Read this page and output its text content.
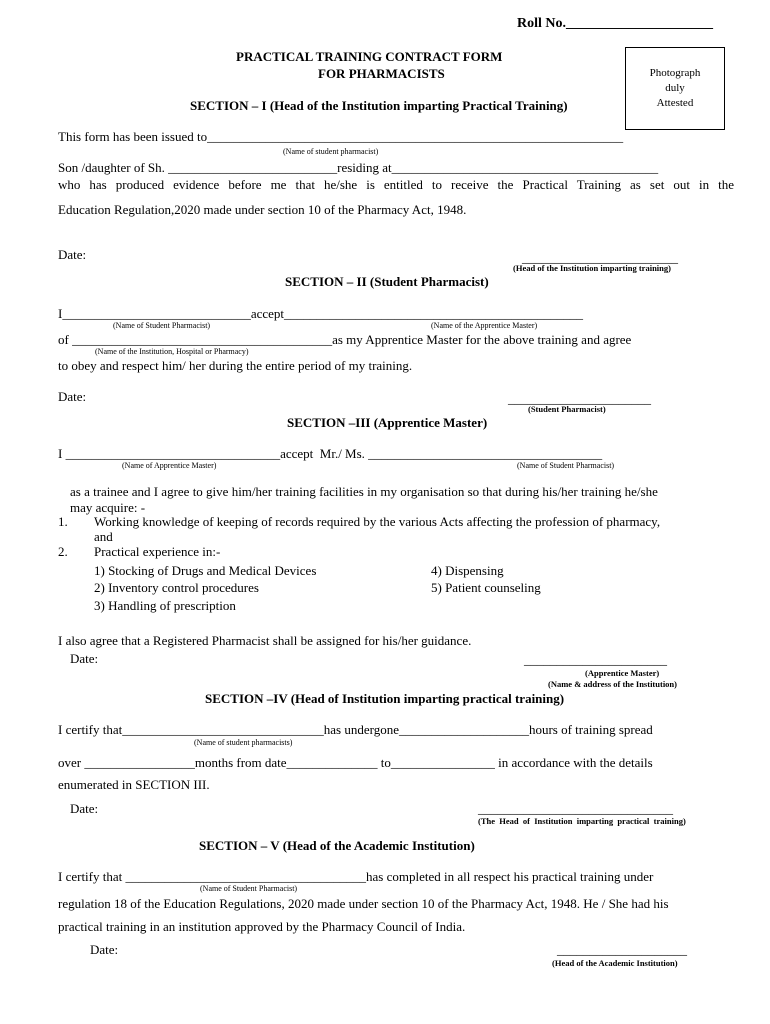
Roll No._____________________
PRACTICAL TRAINING CONTRACT FORM
FOR PHARMACISTS	Photograph
duly
Attested
SECTION – I (Head of the Institution imparting Practical Training)
This form has been issued to________________________________________________________________
(Name of student pharmacist)
Son /daughter of Sh. __________________________residing at_________________________________________
who has produced evidence before me that he/she is entitled to receive the Practical Training as set out in the
Education Regulation,2020 made under section 10 of the Pharmacy Act, 1948.
Date:	________________________
(Head of the Institution imparting training)
SECTION – II (Student Pharmacist)
I_____________________________accept______________________________________________
(Name of Student Pharmacist)	(Name of the Apprentice Master)
of ________________________________________as my Apprentice Master for the above training and agree
(Name of the Institution, Hospital or Pharmacy)
to obey and respect him/ her during the entire period of my training.
Date:	______________________
(Student Pharmacist)
SECTION –III (Apprentice Master)
I _________________________________accept  Mr./ Ms. ____________________________________
(Name of Apprentice Master)	(Name of Student Pharmacist)
as a trainee and I agree to give him/her training facilities in my organisation so that during his/her training he/she
may acquire: -
1. Working knowledge of keeping of records required by the various Acts affecting the profession of pharmacy,
and
2. Practical experience in:-
1) Stocking of Drugs and Medical Devices
2) Inventory control procedures
3) Handling of prescription
4) Dispensing
5) Patient counseling
I also agree that a Registered Pharmacist shall be assigned for his/her guidance.
Date:	______________________
(Apprentice Master)
(Name & address of the Institution)
SECTION –IV (Head of Institution imparting practical training)
I certify that_______________________________has undergone____________________hours of training spread
(Name of student pharmacists)
over _________________months from date______________ to________________ in accordance with the details
enumerated in SECTION III.
Date:	______________________________
(The  Head  of  Institution  imparting  practical  training)
SECTION – V (Head of the Academic Institution)
I certify that _____________________________________has completed in all respect his practical training under
(Name of Student Pharmacist)
regulation 18 of the Education Regulations, 2020 made under section 10 of the Pharmacy Act, 1948. He / She had his
practical training in an institution approved by the Pharmacy Council of India.
Date:	____________________
(Head of the Academic Institution)
